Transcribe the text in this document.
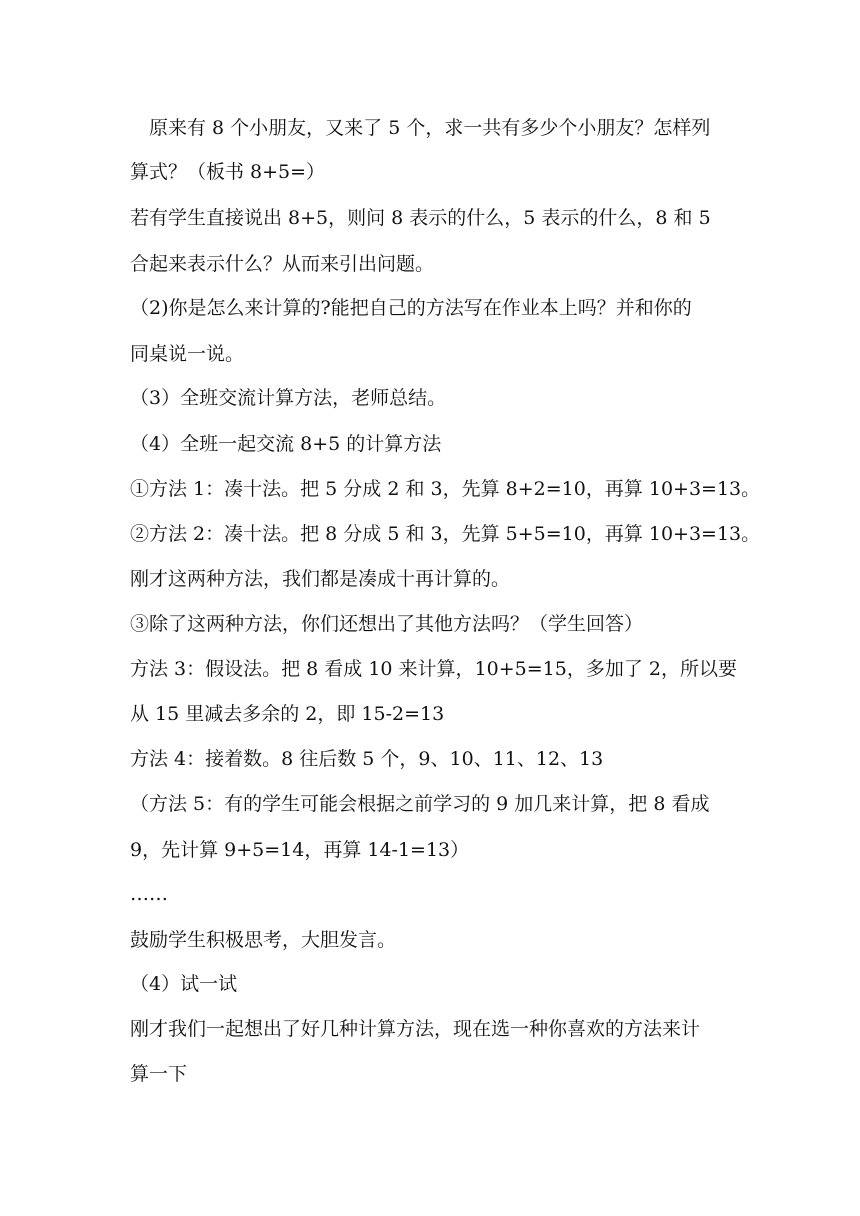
　原来有 8 个小朋友，又来了 5 个，求一共有多少个小朋友？怎样列
算式？（板书 8+5=）
若有学生直接说出 8+5，则问 8 表示的什么，5 表示的什么，8 和 5
合起来表示什么？从而来引出问题。
（2)你是怎么来计算的?能把自己的方法写在作业本上吗？并和你的
同桌说一说。
（3）全班交流计算方法，老师总结。
（4）全班一起交流 8+5 的计算方法
①方法 1：凑十法。把 5 分成 2 和 3，先算 8+2=10，再算 10+3=13。
②方法 2：凑十法。把 8 分成 5 和 3，先算 5+5=10，再算 10+3=13。
刚才这两种方法，我们都是凑成十再计算的。
③除了这两种方法，你们还想出了其他方法吗？（学生回答）
方法 3：假设法。把 8 看成 10 来计算，10+5=15，多加了 2，所以要
从 15 里减去多余的 2，即 15-2=13
方法 4：接着数。8 往后数 5 个，9、10、11、12、13
（方法 5：有的学生可能会根据之前学习的 9 加几来计算，把 8 看成
9，先计算 9+5=14，再算 14-1=13）
……
鼓励学生积极思考，大胆发言。
（4）试一试
刚才我们一起想出了好几种计算方法，现在选一种你喜欢的方法来计
算一下
